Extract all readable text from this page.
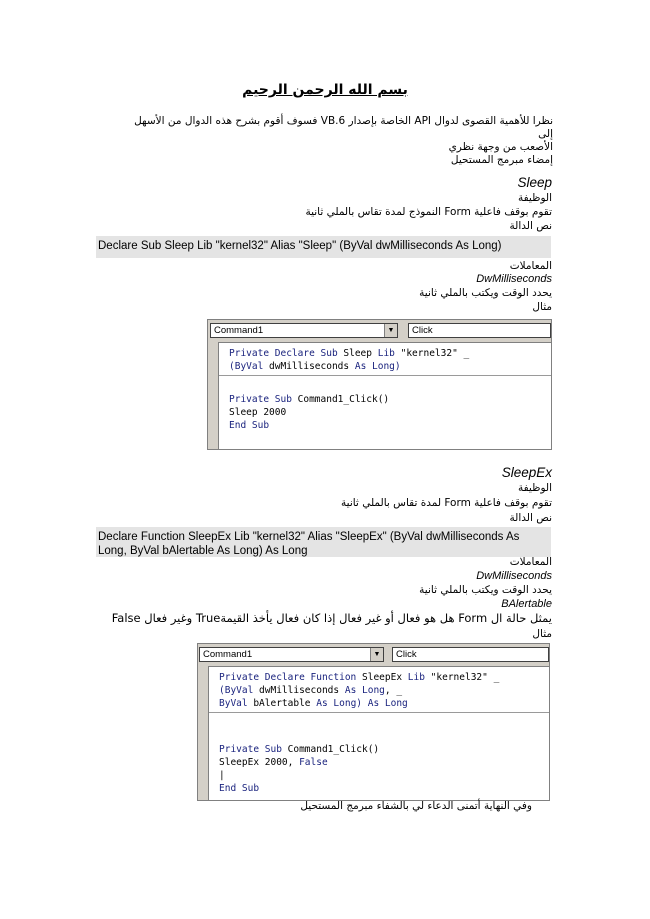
بسم الله الرحمن الرحيم
نظرا للأهمية القصوى لدوال API الخاصة بإصدار VB.6 فسوف أقوم بشرح هذه الدوال من الأسهل إلى
الأصعب من وجهة نظري
إمضاء مبرمج المستحيل
Sleep
الوظيفة
تقوم بوقف فاعلية Form النموذج لمدة تقاس بالملي ثانية
نص الدالة
Declare Sub Sleep Lib "kernel32" Alias "Sleep" (ByVal dwMilliseconds As Long)
المعاملات
DwMilliseconds
يحدد الوقت ويكتب بالملي ثانية
مثال
Command1	▼	Click
Private Declare Sub Sleep Lib "kernel32" _
(ByVal dwMilliseconds As Long)

Private Sub Command1_Click()
Sleep 2000
End Sub
SleepEx
الوظيفة
تقوم بوقف فاعلية Form لمدة تقاس بالملي ثانية
نص الدالة
Declare Function SleepEx Lib "kernel32" Alias "SleepEx" (ByVal dwMilliseconds As Long, ByVal bAlertable As Long) As Long
المعاملات
DwMilliseconds
يحدد الوقت ويكتب بالملي ثانية
BAlertable
يمثل حالة ال Form هل هو فعال أو غير فعال إذا كان فعال يأخذ القيمةTrue وغير فعال False
مثال
Command1	▼	Click
Private Declare Function SleepEx Lib "kernel32" _
(ByVal dwMilliseconds As Long, _
ByVal bAlertable As Long) As Long

Private Sub Command1_Click()
SleepEx 2000, False
|
End Sub
وفي النهاية أتمنى الدعاء لي بالشفاء مبرمج المستحيل
